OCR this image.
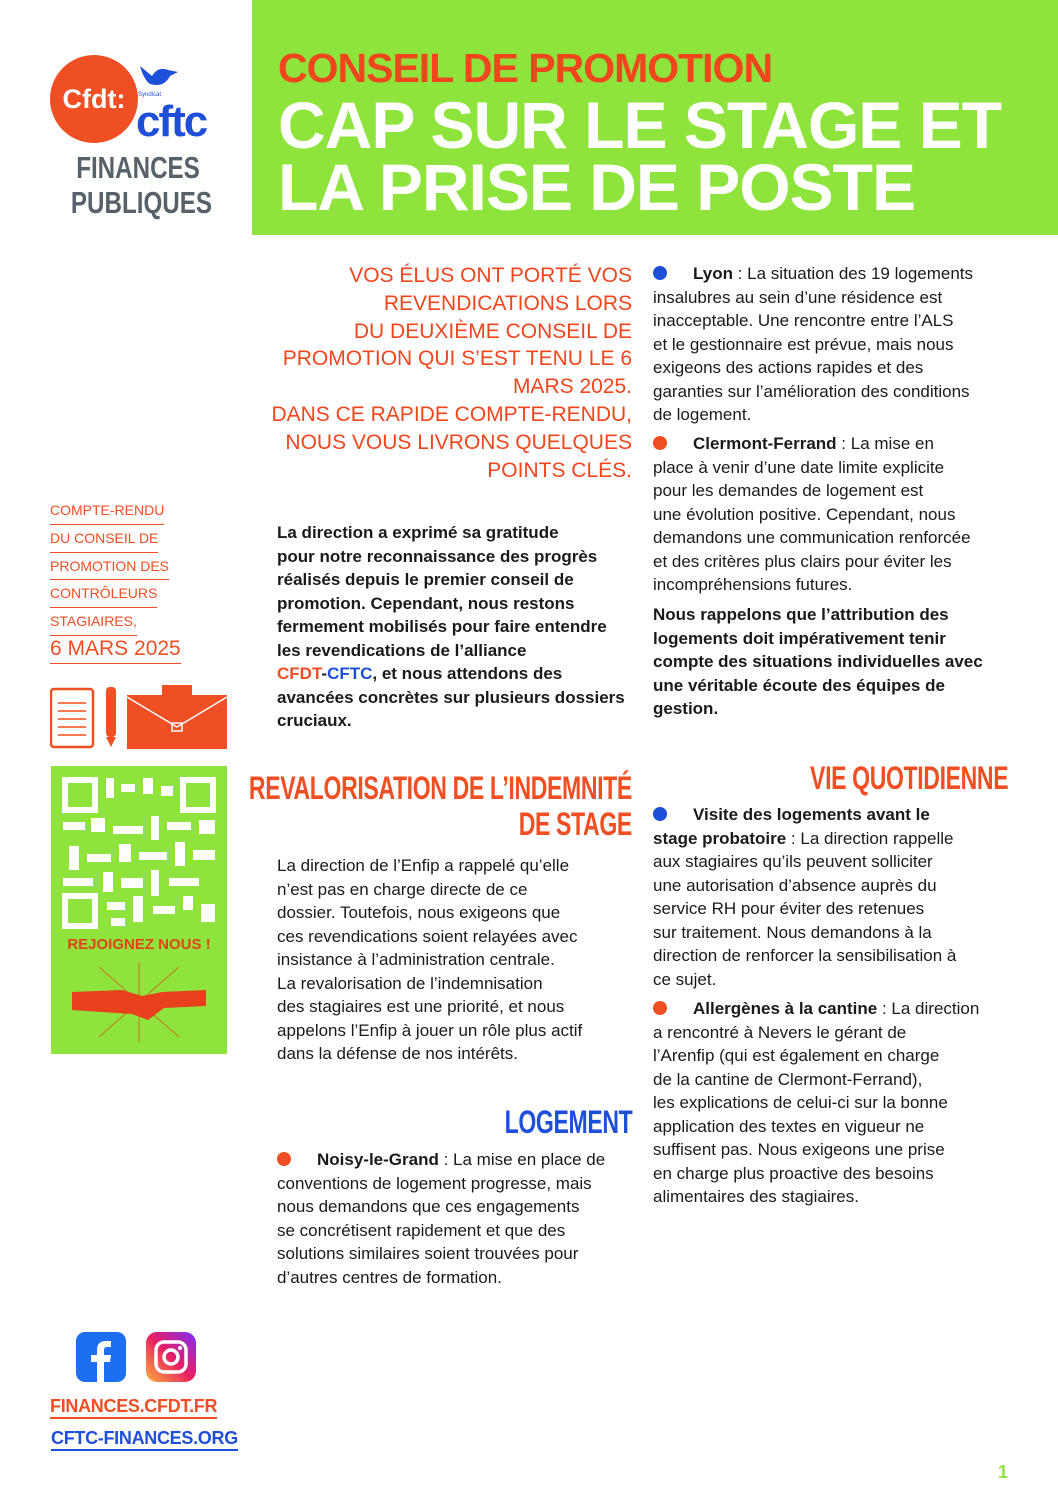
CONSEIL DE PROMOTION
CAP SUR LE STAGE ET
LA PRISE DE POSTE
Cfdt:	Syndicat
cftc
FINANCES
PUBLIQUES
VOS ÉLUS ONT PORTÉ VOS
REVENDICATIONS LORS
DU DEUXIÈME CONSEIL DE
PROMOTION QUI S’EST TENU LE 6
MARS 2025.
DANS CE RAPIDE COMPTE-RENDU,
NOUS VOUS LIVRONS QUELQUES
POINTS CLÉS.
COMPTE-RENDU
DU CONSEIL DE
PROMOTION DES
CONTRÔLEURS
STAGIAIRES,
6 MARS 2025
REJOIGNEZ NOUS !
FINANCES.CFDT.FR
CFTC-FINANCES.ORG
La direction a exprimé sa gratitude
pour notre reconnaissance des progrès
réalisés depuis le premier conseil de
promotion. Cependant, nous restons
fermement mobilisés pour faire entendre
les revendications de l’alliance
CFDT-CFTC, et nous attendons des
avancées concrètes sur plusieurs dossiers
cruciaux.
REVALORISATION DE L’INDEMNITÉ
DE STAGE
La direction de l’Enfip a rappelé qu’elle
n’est pas en charge directe de ce
dossier. Toutefois, nous exigeons que
ces revendications soient relayées avec
insistance à l’administration centrale.
La revalorisation de l’indemnisation
des stagiaires est une priorité, et nous
appelons l’Enfip à jouer un rôle plus actif
dans la défense de nos intérêts.
LOGEMENT
Noisy-le-Grand : La mise en place de
conventions de logement progresse, mais
nous demandons que ces engagements
se concrétisent rapidement et que des
solutions similaires soient trouvées pour
d’autres centres de formation.
Lyon : La situation des 19 logements
insalubres au sein d’une résidence est
inacceptable. Une rencontre entre l’ALS
et le gestionnaire est prévue, mais nous
exigeons des actions rapides et des
garanties sur l’amélioration des conditions
de logement.
Clermont-Ferrand : La mise en
place à venir d’une date limite explicite
pour les demandes de logement est
une évolution positive. Cependant, nous
demandons une communication renforcée
et des critères plus clairs pour éviter les
incompréhensions futures.
Nous rappelons que l’attribution des
logements doit impérativement tenir
compte des situations individuelles avec
une véritable écoute des équipes de
gestion.
VIE QUOTIDIENNE
Visite des logements avant le
stage probatoire : La direction rappelle
aux stagiaires qu’ils peuvent solliciter
une autorisation d’absence auprès du
service RH pour éviter des retenues
sur traitement. Nous demandons à la
direction de renforcer la sensibilisation à
ce sujet.
Allergènes à la cantine : La direction
a rencontré à Nevers le gérant de
l’Arenfip (qui est également en charge
de la cantine de Clermont-Ferrand),
les explications de celui-ci sur la bonne
application des textes en vigueur ne
suffisent pas. Nous exigeons une prise
en charge plus proactive des besoins
alimentaires des stagiaires.
1
